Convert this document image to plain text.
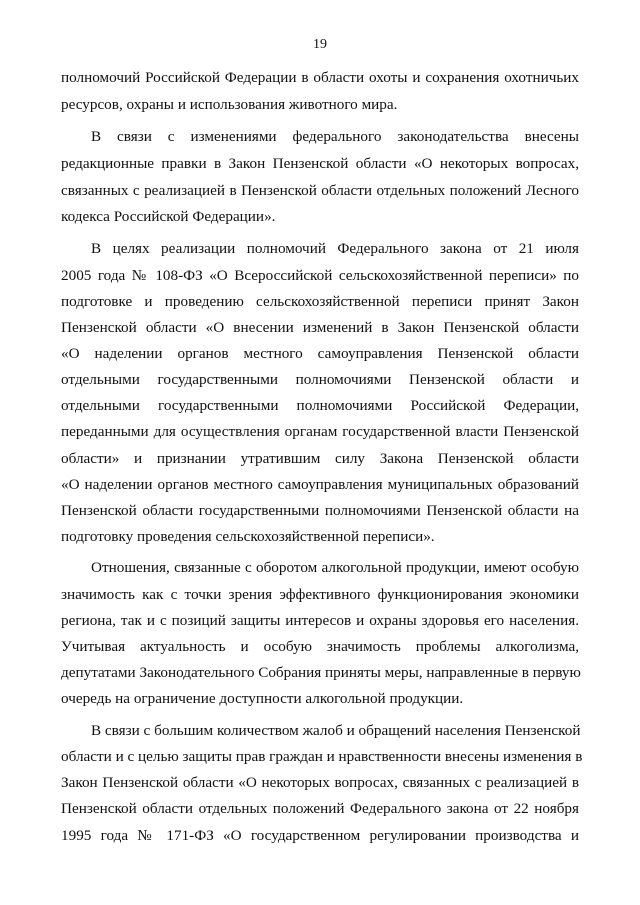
19
полномочий Российской Федерации в области охоты и сохранения охотничьих
ресурсов, охраны и использования животного мира.
В связи с изменениями федерального законодательства внесены
редакционные правки в Закон Пензенской области «О некоторых вопросах,
связанных с реализацией в Пензенской области отдельных положений Лесного
кодекса Российской Федерации».
В целях реализации полномочий Федерального закона от 21 июля
2005 года № 108-ФЗ «О Всероссийской сельскохозяйственной переписи» по
подготовке и проведению сельскохозяйственной переписи принят Закон
Пензенской области «О внесении изменений в Закон Пензенской области
«О наделении органов местного самоуправления Пензенской области
отдельными государственными полномочиями Пензенской области и
отдельными государственными полномочиями Российской Федерации,
переданными для осуществления органам государственной власти Пензенской
области» и признании утратившим силу Закона Пензенской области
«О наделении органов местного самоуправления муниципальных образований
Пензенской области государственными полномочиями Пензенской области на
подготовку проведения сельскохозяйственной переписи».
Отношения, связанные с оборотом алкогольной продукции, имеют особую
значимость как с точки зрения эффективного функционирования экономики
региона, так и с позиций защиты интересов и охраны здоровья его населения.
Учитывая актуальность и особую значимость проблемы алкоголизма,
депутатами Законодательного Собрания приняты меры, направленные в первую
очередь на ограничение доступности алкогольной продукции.
В связи с большим количеством жалоб и обращений населения Пензенской
области и с целью защиты прав граждан и нравственности внесены изменения в
Закон Пензенской области «О некоторых вопросах, связанных с реализацией в
Пензенской области отдельных положений Федерального закона от 22 ноября
1995 года № 171-ФЗ «О государственном регулировании производства и
